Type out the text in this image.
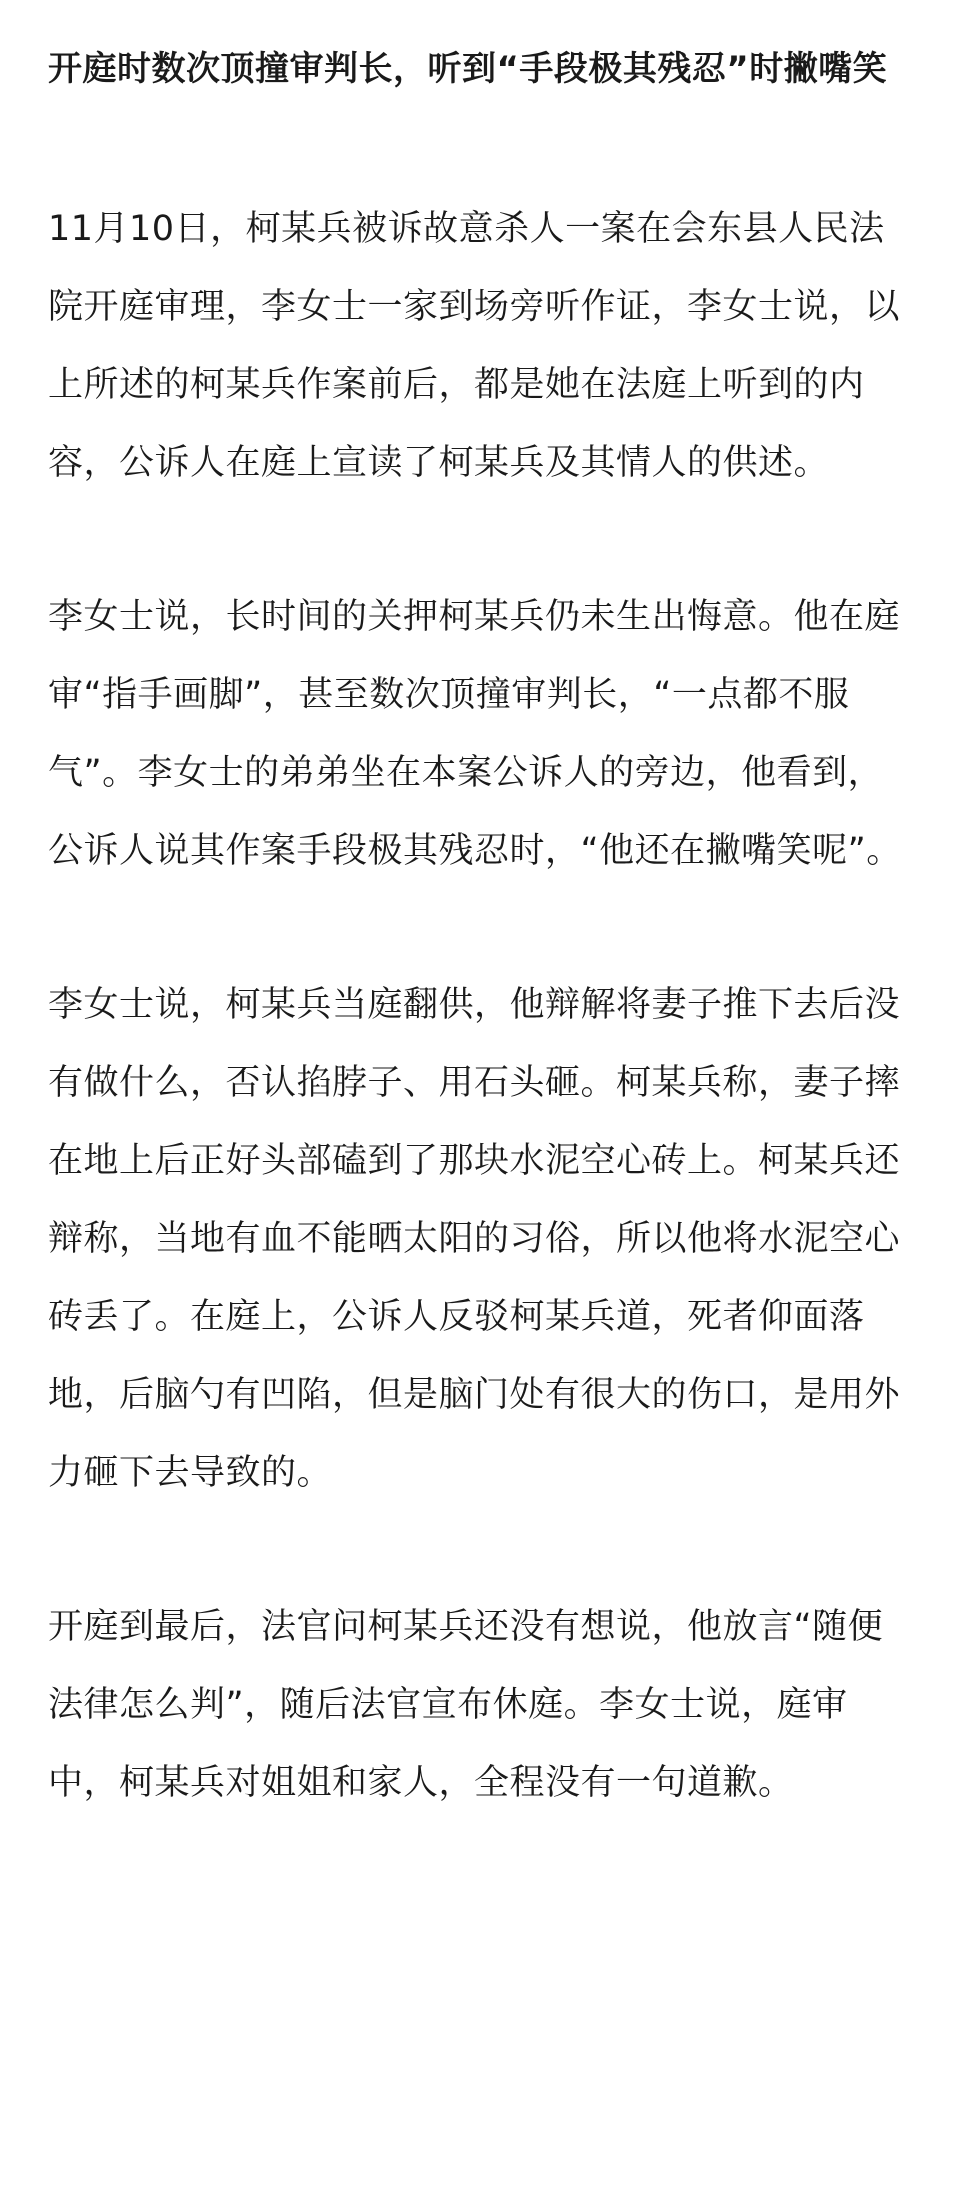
开庭时数次顶撞审判长，听到“手段极其残忍”时撇嘴笑

11月10日，柯某兵被诉故意杀人一案在会东县人民法院开庭审理，李女士一家到场旁听作证，李女士说，以上所述的柯某兵作案前后，都是她在法庭上听到的内容，公诉人在庭上宣读了柯某兵及其情人的供述。

李女士说，长时间的关押柯某兵仍未生出悔意。他在庭审“指手画脚”，甚至数次顶撞审判长，“一点都不服气”。李女士的弟弟坐在本案公诉人的旁边，他看到，公诉人说其作案手段极其残忍时，“他还在撇嘴笑呢”。

李女士说，柯某兵当庭翻供，他辩解将妻子推下去后没有做什么，否认掐脖子、用石头砸。柯某兵称，妻子摔在地上后正好头部磕到了那块水泥空心砖上。柯某兵还辩称，当地有血不能晒太阳的习俗，所以他将水泥空心砖丢了。在庭上，公诉人反驳柯某兵道，死者仰面落地，后脑勺有凹陷，但是脑门处有很大的伤口，是用外力砸下去导致的。

开庭到最后，法官问柯某兵还没有想说，他放言“随便法律怎么判”，随后法官宣布休庭。李女士说，庭审中，柯某兵对姐姐和家人，全程没有一句道歉。
